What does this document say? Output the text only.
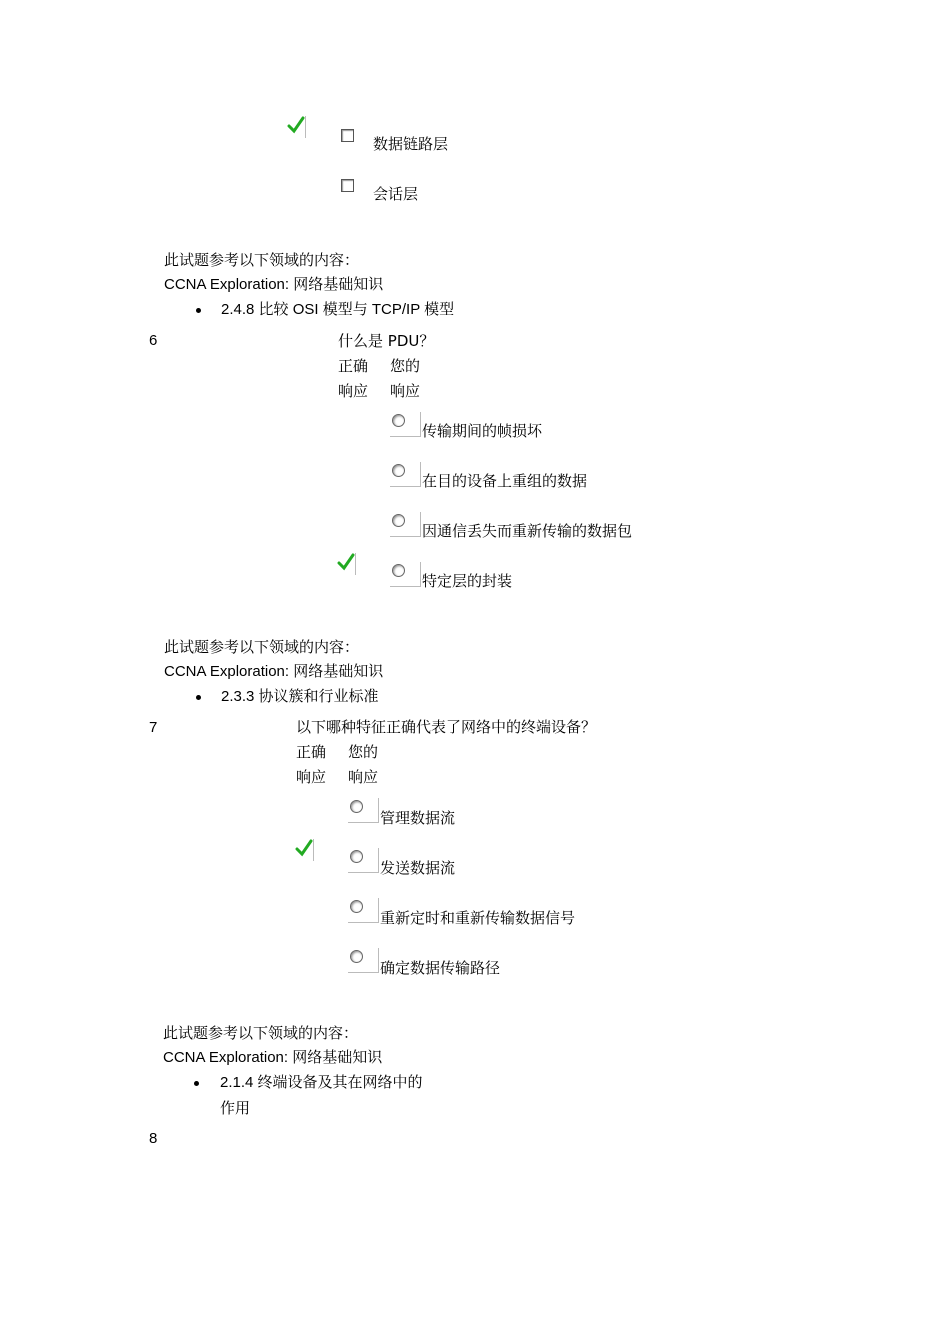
数据链路层
会话层
此试题参考以下领域的内容：
CCNA Exploration: 网络基础知识
2.4.8 比较 OSI 模型与 TCP/IP 模型
6	什么是 PDU？
正确 您的
响应 响应
传输期间的帧损坏
在目的设备上重组的数据
因通信丢失而重新传输的数据包
特定层的封装
此试题参考以下领域的内容：
CCNA Exploration: 网络基础知识
2.3.3 协议簇和行业标准
7	以下哪种特征正确代表了网络中的终端设备？
正确 您的
响应 响应
管理数据流
发送数据流
重新定时和重新传输数据信号
确定数据传输路径
此试题参考以下领域的内容：
CCNA Exploration: 网络基础知识
2.1.4 终端设备及其在网络中的
作用
8
